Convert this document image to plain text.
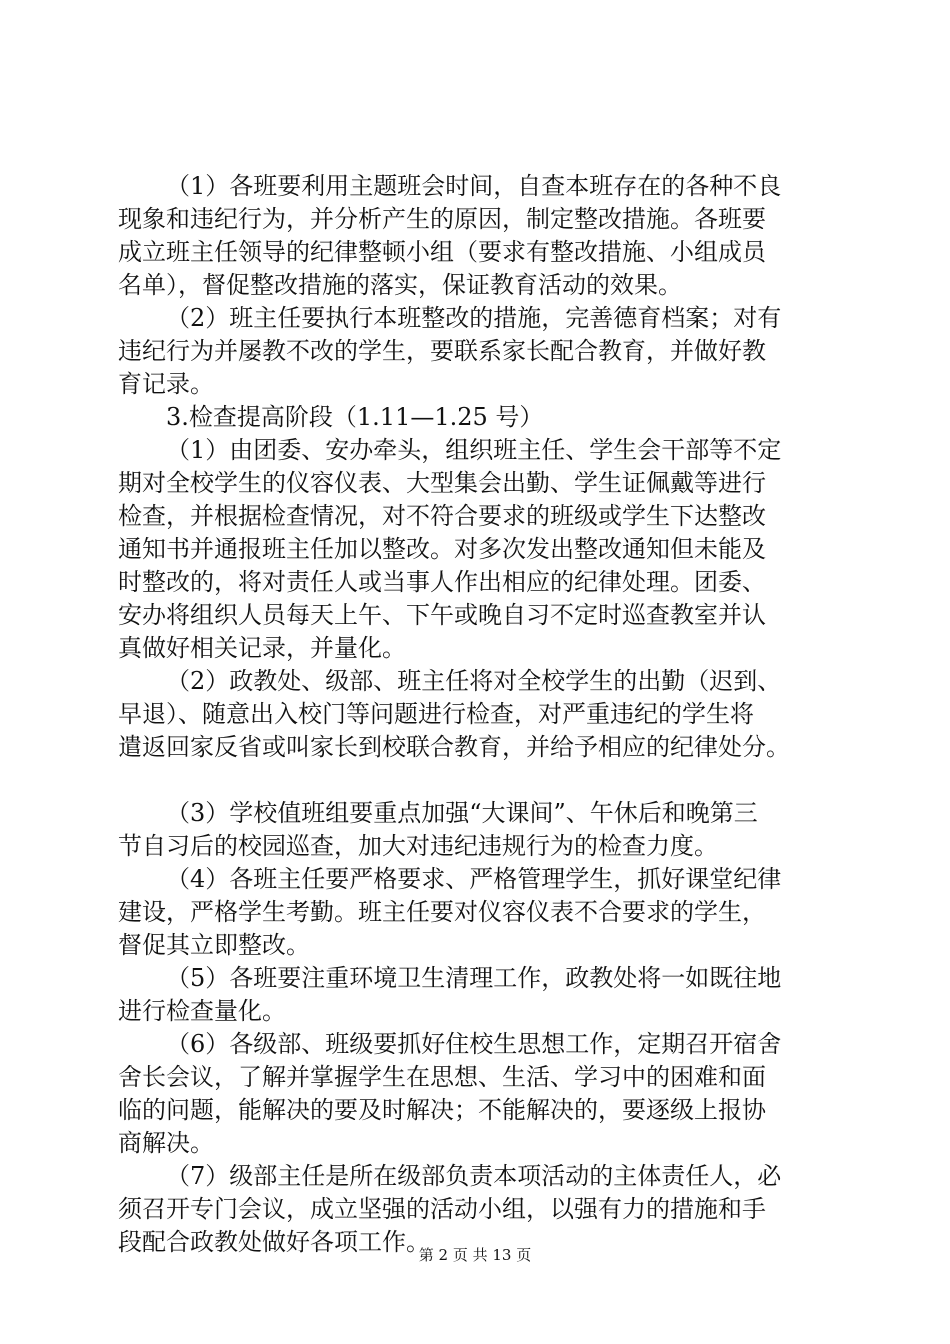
（1）各班要利用主题班会时间，自查本班存在的各种不良
现象和违纪行为，并分析产生的原因，制定整改措施。各班要
成立班主任领导的纪律整顿小组（要求有整改措施、小组成员
名单），督促整改措施的落实，保证教育活动的效果。
（2）班主任要执行本班整改的措施，完善德育档案；对有
违纪行为并屡教不改的学生，要联系家长配合教育，并做好教
育记录。
3.检查提高阶段（1.11—1.25 号）
（1）由团委、安办牵头，组织班主任、学生会干部等不定
期对全校学生的仪容仪表、大型集会出勤、学生证佩戴等进行
检查，并根据检查情况，对不符合要求的班级或学生下达整改
通知书并通报班主任加以整改。对多次发出整改通知但未能及
时整改的，将对责任人或当事人作出相应的纪律处理。团委、
安办将组织人员每天上午、下午或晚自习不定时巡查教室并认
真做好相关记录，并量化。
（2）政教处、级部、班主任将对全校学生的出勤（迟到、
早退）、随意出入校门等问题进行检查，对严重违纪的学生将
遣返回家反省或叫家长到校联合教育，并给予相应的纪律处分。
（3）学校值班组要重点加强“大课间”、午休后和晚第三
节自习后的校园巡查，加大对违纪违规行为的检查力度。
（4）各班主任要严格要求、严格管理学生，抓好课堂纪律
建设，严格学生考勤。班主任要对仪容仪表不合要求的学生，
督促其立即整改。
（5）各班要注重环境卫生清理工作，政教处将一如既往地
进行检查量化。
（6）各级部、班级要抓好住校生思想工作，定期召开宿舍
舍长会议，了解并掌握学生在思想、生活、学习中的困难和面
临的问题，能解决的要及时解决；不能解决的，要逐级上报协
商解决。
（7）级部主任是所在级部负责本项活动的主体责任人，必
须召开专门会议，成立坚强的活动小组，以强有力的措施和手
段配合政教处做好各项工作。
第 2 页 共 13 页
